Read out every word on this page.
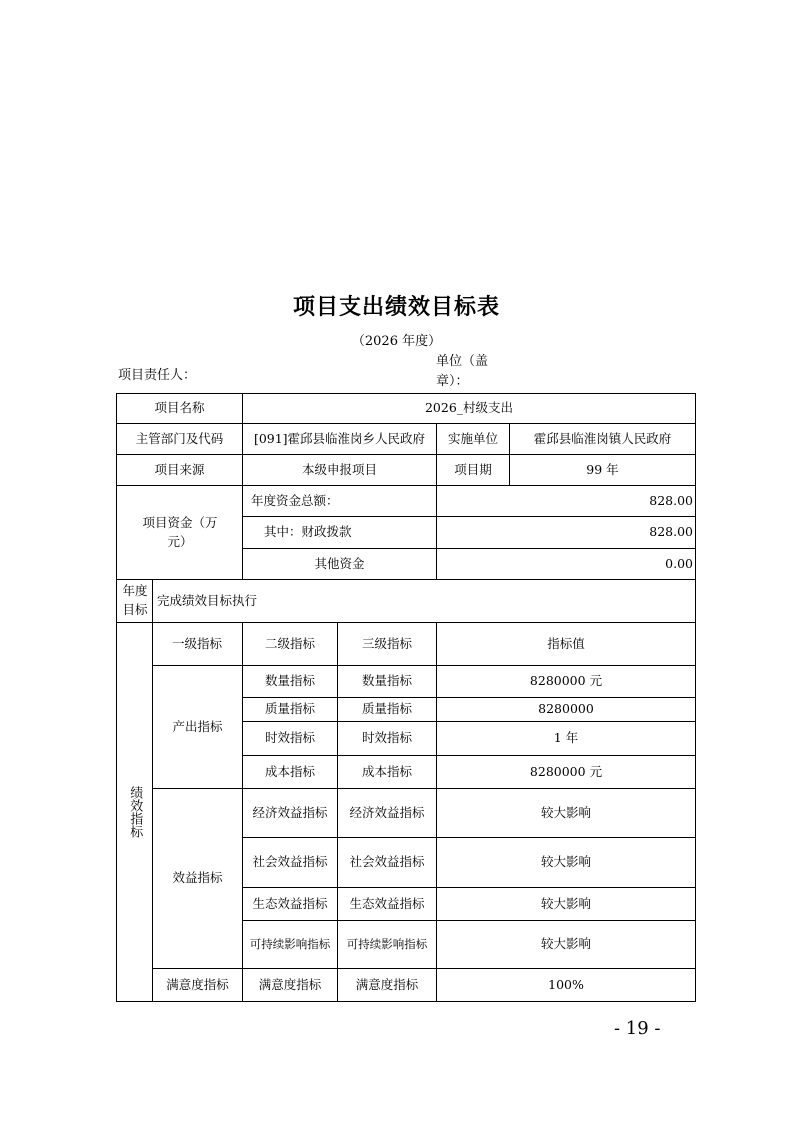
项目支出绩效目标表
（2026 年度）
项目责任人：
单位（盖章）：
项目名称	2026_村级支出
主管部门及代码	[091]霍邱县临淮岗乡人民政府	实施单位	霍邱县临淮岗镇人民政府
项目来源	本级申报项目	项目期	99 年
项目资金（万元）
年度资金总额：	828.00
其中：财政拨款	828.00
其他资金	0.00
年度目标
完成绩效目标执行
绩效指标
一级指标	二级指标	三级指标	指标值
产出指标
数量指标	数量指标	8280000 元
质量指标	质量指标	8280000
时效指标	时效指标	1 年
成本指标	成本指标	8280000 元
效益指标
经济效益指标	经济效益指标	较大影响
社会效益指标	社会效益指标	较大影响
生态效益指标	生态效益指标	较大影响
可持续影响指标	可持续影响指标	较大影响
满意度指标	满意度指标	满意度指标	100%
- 19 -
